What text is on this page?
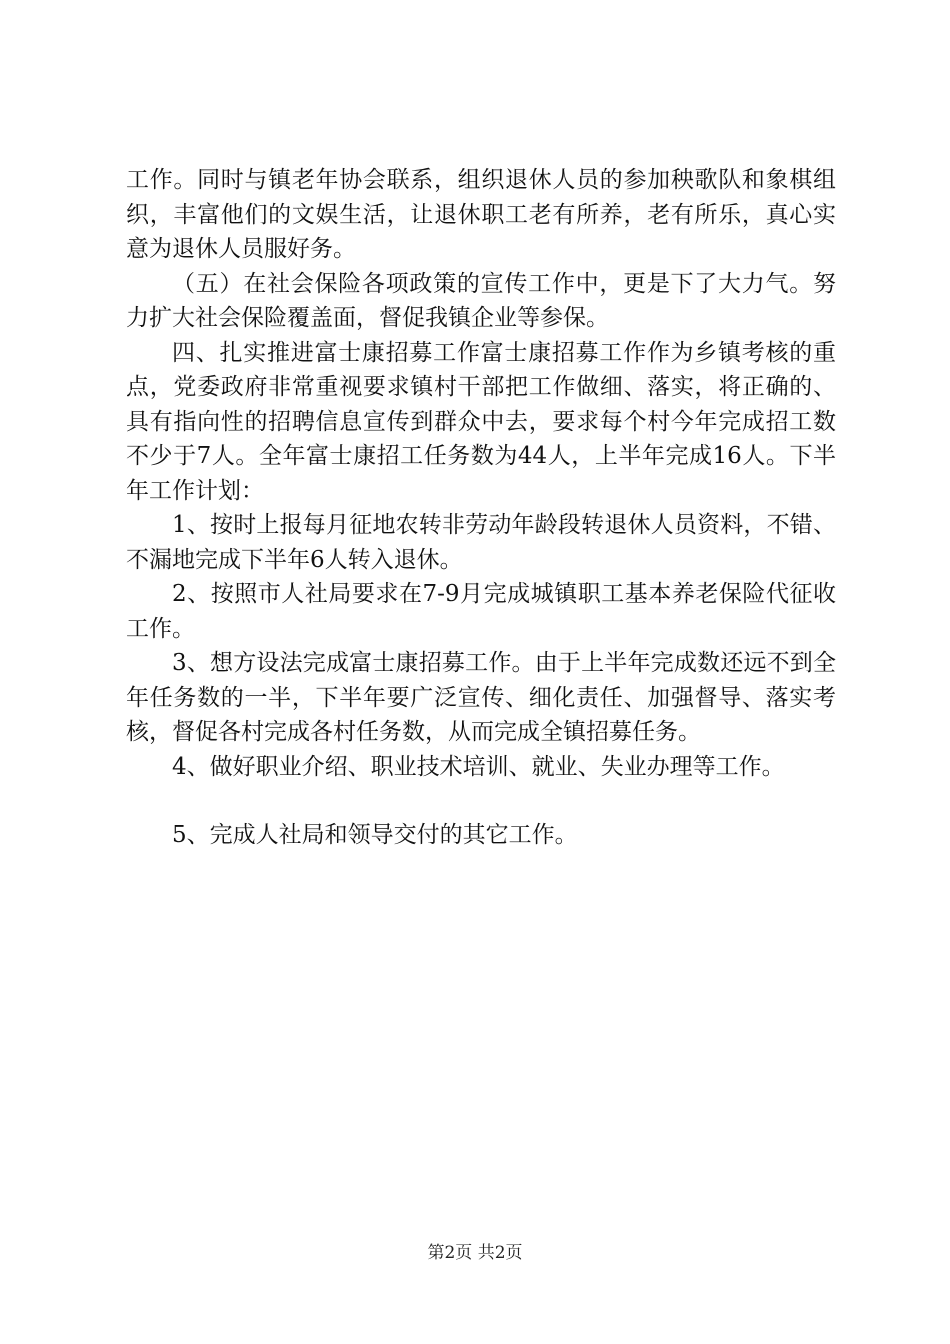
工作。同时与镇老年协会联系，组织退休人员的参加秧歌队和象棋组织，丰富他们的文娱生活，让退休职工老有所养，老有所乐，真心实意为退休人员服好务。

（五）在社会保险各项政策的宣传工作中，更是下了大力气。努力扩大社会保险覆盖面，督促我镇企业等参保。

四、扎实推进富士康招募工作富士康招募工作作为乡镇考核的重点，党委政府非常重视要求镇村干部把工作做细、落实，将正确的、具有指向性的招聘信息宣传到群众中去，要求每个村今年完成招工数不少于7人。全年富士康招工任务数为44人，上半年完成16人。下半年工作计划：

1、按时上报每月征地农转非劳动年龄段转退休人员资料，不错、不漏地完成下半年6人转入退休。

2、按照市人社局要求在7-9月完成城镇职工基本养老保险代征收工作。

3、想方设法完成富士康招募工作。由于上半年完成数还远不到全年任务数的一半，下半年要广泛宣传、细化责任、加强督导、落实考核，督促各村完成各村任务数，从而完成全镇招募任务。

4、做好职业介绍、职业技术培训、就业、失业办理等工作。

5、完成人社局和领导交付的其它工作。

第2页 共2页
